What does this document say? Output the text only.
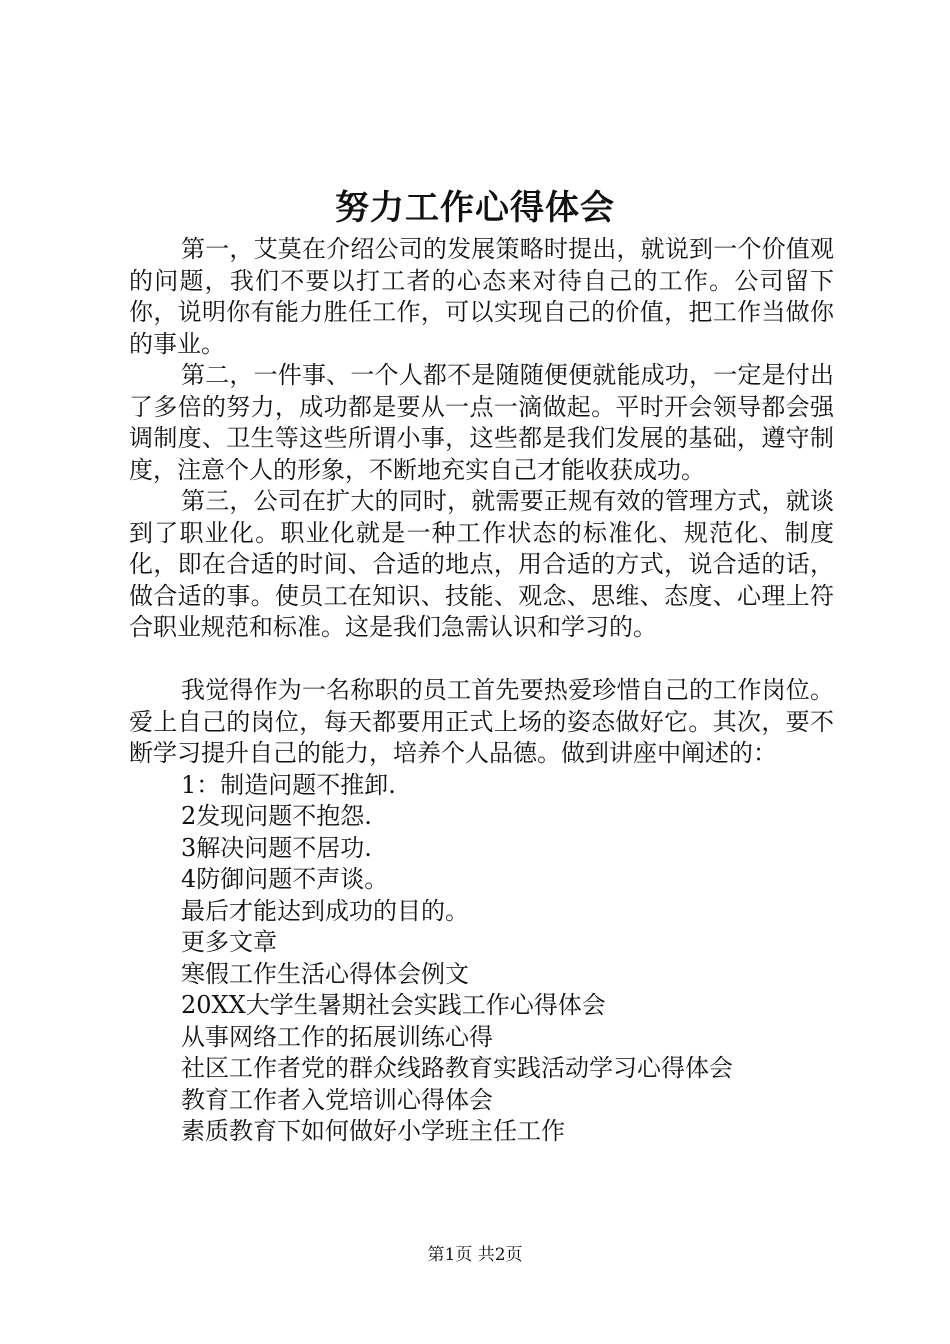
努力工作心得体会

第一，艾莫在介绍公司的发展策略时提出，就说到一个价值观的问题，我们不要以打工者的心态来对待自己的工作。公司留下你，说明你有能力胜任工作，可以实现自己的价值，把工作当做你的事业。

第二，一件事、一个人都不是随随便便就能成功，一定是付出了多倍的努力，成功都是要从一点一滴做起。平时开会领导都会强调制度、卫生等这些所谓小事，这些都是我们发展的基础，遵守制度，注意个人的形象，不断地充实自己才能收获成功。

第三，公司在扩大的同时，就需要正规有效的管理方式，就谈到了职业化。职业化就是一种工作状态的标准化、规范化、制度化，即在合适的时间、合适的地点，用合适的方式，说合适的话，做合适的事。使员工在知识、技能、观念、思维、态度、心理上符合职业规范和标准。这是我们急需认识和学习的。

我觉得作为一名称职的员工首先要热爱珍惜自己的工作岗位。爱上自己的岗位，每天都要用正式上场的姿态做好它。其次，要不断学习提升自己的能力，培养个人品德。做到讲座中阐述的：

1：制造问题不推卸.

2发现问题不抱怨.

3解决问题不居功.

4防御问题不声谈。

最后才能达到成功的目的。

更多文章

寒假工作生活心得体会例文

20XX大学生暑期社会实践工作心得体会

从事网络工作的拓展训练心得

社区工作者党的群众线路教育实践活动学习心得体会

教育工作者入党培训心得体会

素质教育下如何做好小学班主任工作

第1页 共2页
